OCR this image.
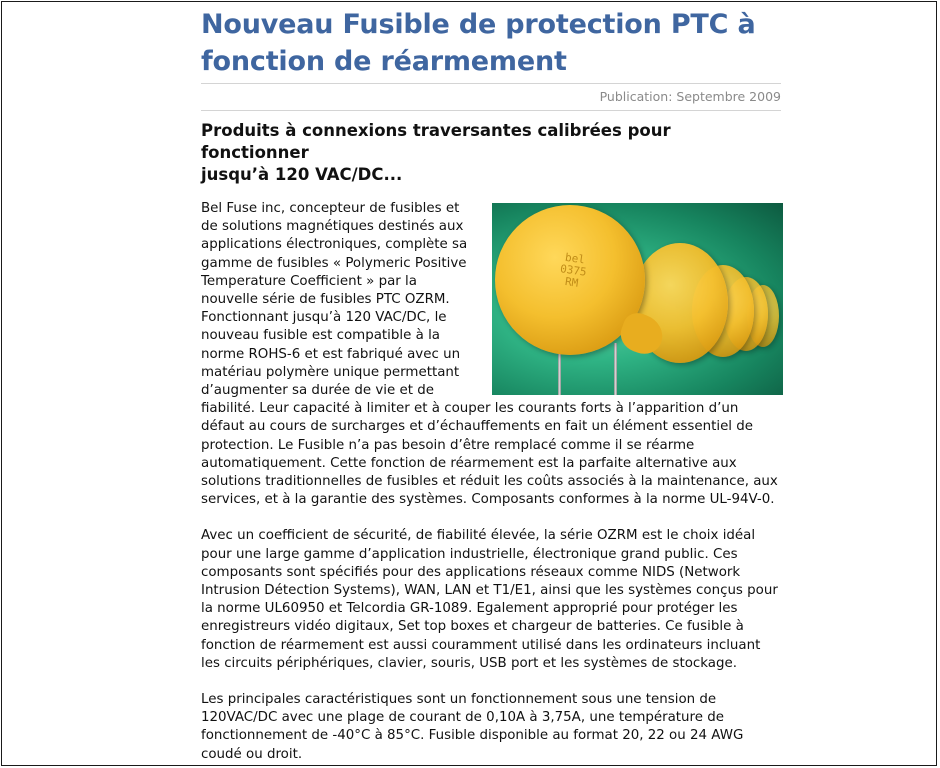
Nouveau Fusible de protection PTC à
fonction de réarmement
Publication: Septembre 2009
Produits à connexions traversantes calibrées pour fonctionner
jusqu’à 120 VAC/DC...

bel
0375
RM
Bel Fuse inc, concepteur de fusibles et de solutions magnétiques destinés aux applications électroniques, complète sa gamme de fusibles « Polymeric Positive Temperature Coefficient » par la nouvelle série de fusibles PTC OZRM. Fonctionnant jusqu’à 120 VAC/DC, le nouveau fusible est compatible à la norme ROHS-6 et est fabriqué avec un matériau polymère unique permettant d’augmenter sa durée de vie et de fiabilité. Leur capacité à limiter et à couper les courants forts à l’apparition d’un défaut au cours de surcharges et d’échauffements en fait un élément essentiel de protection. Le Fusible n’a pas besoin d’être remplacé comme il se réarme automatiquement. Cette fonction de réarmement est la parfaite alternative aux solutions traditionnelles de fusibles et réduit les coûts associés à la maintenance, aux services, et à la garantie des systèmes. Composants conformes à la norme UL-94V-0.

Avec un coefficient de sécurité, de fiabilité élevée, la série OZRM est le choix idéal pour une large gamme d’application industrielle, électronique grand public. Ces composants sont spécifiés pour des applications réseaux comme NIDS (Network Intrusion Détection Systems), WAN, LAN et T1/E1, ainsi que les systèmes conçus pour la norme UL60950 et Telcordia GR-1089. Egalement approprié pour protéger les enregistreurs vidéo digitaux, Set top boxes et chargeur de batteries. Ce fusible à fonction de réarmement est aussi couramment utilisé dans les ordinateurs incluant les circuits périphériques, clavier, souris, USB port et les systèmes de stockage.

Les principales caractéristiques sont un fonctionnement sous une tension de 120VAC/DC avec une plage de courant de 0,10A à 3,75A, une température de fonctionnement de -40°C à 85°C. Fusible disponible au format 20, 22 ou 24 AWG coudé ou droit.
